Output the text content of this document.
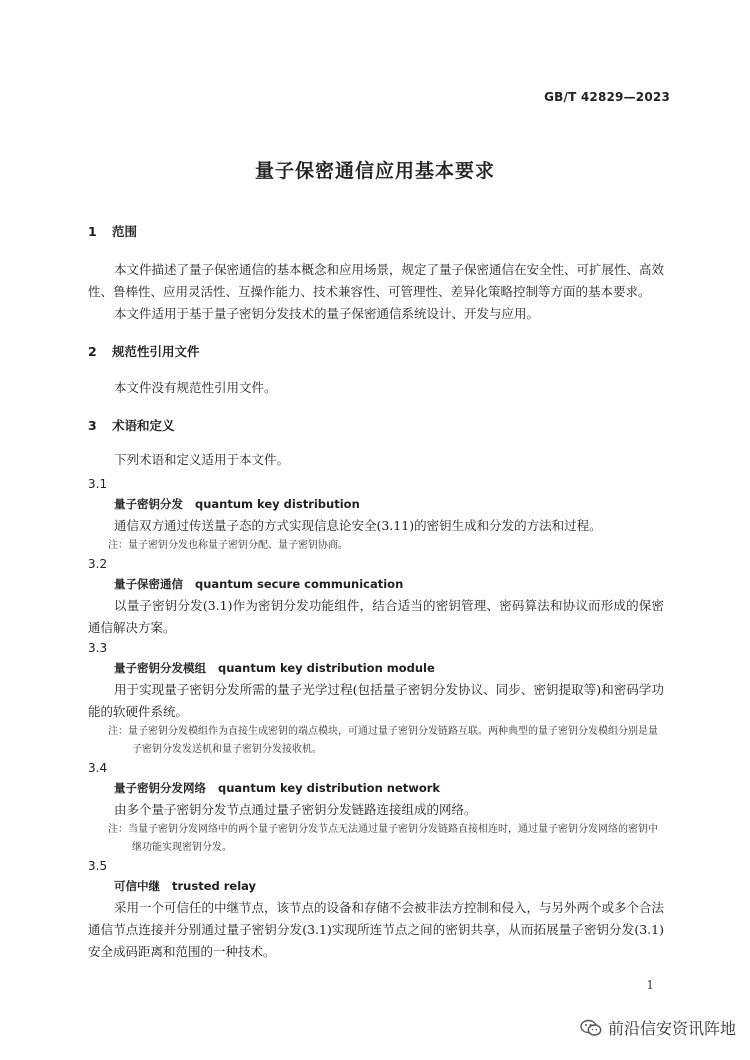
GB/T 42829—2023
量子保密通信应用基本要求

1 范围

本文件描述了量子保密通信的基本概念和应用场景，规定了量子保密通信在安全性、可扩展性、高效性、鲁棒性、应用灵活性、互操作能力、技术兼容性、可管理性、差异化策略控制等方面的基本要求。

本文件适用于基于量子密钥分发技术的量子保密通信系统设计、开发与应用。

2 规范性引用文件

本文件没有规范性引用文件。

3 术语和定义

下列术语和定义适用于本文件。

3.1

量子密钥分发 quantum key distribution

通信双方通过传送量子态的方式实现信息论安全(3.11)的密钥生成和分发的方法和过程。

注：量子密钥分发也称量子密钥分配、量子密钥协商。

3.2

量子保密通信 quantum secure communication

以量子密钥分发(3.1)作为密钥分发功能组件，结合适当的密钥管理、密码算法和协议而形成的保密通信解决方案。

3.3

量子密钥分发模组 quantum key distribution module

用于实现量子密钥分发所需的量子光学过程(包括量子密钥分发协议、同步、密钥提取等)和密码学功能的软硬件系统。

注：量子密钥分发模组作为直接生成密钥的端点模块，可通过量子密钥分发链路互联。两种典型的量子密钥分发模组分别是量子密钥分发发送机和量子密钥分发接收机。

3.4

量子密钥分发网络 quantum key distribution network

由多个量子密钥分发节点通过量子密钥分发链路连接组成的网络。

注：当量子密钥分发网络中的两个量子密钥分发节点无法通过量子密钥分发链路直接相连时，通过量子密钥分发网络的密钥中继功能实现密钥分发。

3.5

可信中继 trusted relay

采用一个可信任的中继节点，该节点的设备和存储不会被非法方控制和侵入，与另外两个或多个合法通信节点连接并分别通过量子密钥分发(3.1)实现所连节点之间的密钥共享，从而拓展量子密钥分发(3.1)安全成码距离和范围的一种技术。

1
前沿信安资讯阵地
